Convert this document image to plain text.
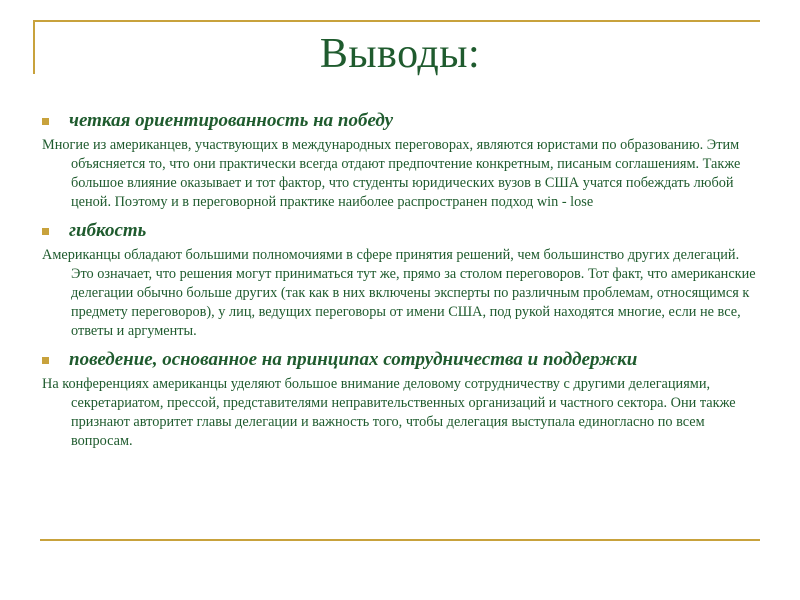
Выводы:
четкая ориентированность на победу

Многие из американцев, участвующих в международных переговорах, являются юристами по образованию. Этим объясняется то, что они практически всегда отдают предпочтение конкретным, писаным соглашениям. Также большое влияние оказывает и тот фактор, что студенты юридических вузов в США учатся побеждать любой ценой. Поэтому и в переговорной практике наиболее распространен подход win - lose

гибкость

Американцы обладают большими полномочиями в сфере принятия решений, чем большинство других делегаций. Это означает, что решения могут приниматься тут же, прямо за столом переговоров. Тот факт, что американские делегации обычно больше других (так как в них включены эксперты по различным проблемам, относящимся к предмету переговоров), у лиц, ведущих переговоры от имени США, под рукой находятся многие, если не все, ответы и аргументы.

поведение, основанное на принципах сотрудничества и поддержки

На конференциях американцы уделяют большое внимание деловому сотрудничеству с другими делегациями, секретариатом, прессой, представителями неправительственных организаций и частного сектора. Они также признают авторитет главы делегации и важность того, чтобы делегация выступала единогласно по всем вопросам.
